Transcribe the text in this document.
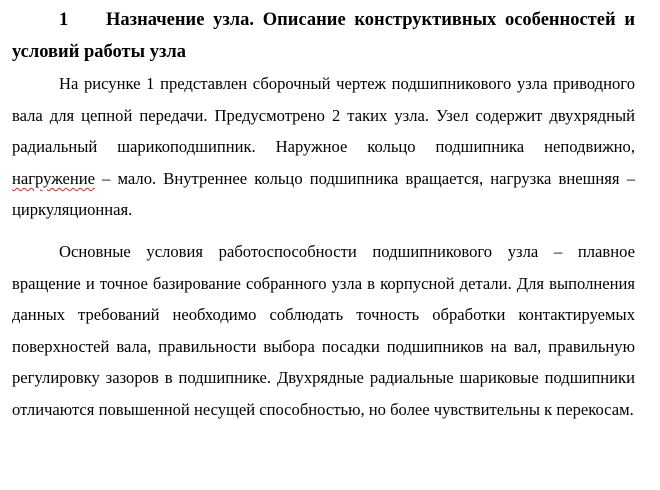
1 Назначение узла. Описание конструктивных особенностей и условий работы узла

На рисунке 1 представлен сборочный чертеж подшипникового узла приводного вала для цепной передачи. Предусмотрено 2 таких узла. Узел содержит двухрядный радиальный шарикоподшипник. Наружное кольцо подшипника неподвижно, нагружение – мало. Внутреннее кольцо подшипника вращается, нагрузка внешняя – циркуляционная.

Основные условия работоспособности подшипникового узла – плавное вращение и точное базирование собранного узла в корпусной детали. Для выполнения данных требований необходимо соблюдать точность обработки контактируемых поверхностей вала, правильности выбора посадки подшипников на вал, правильную регулировку зазоров в подшипнике. Двухрядные радиальные шариковые подшипники отличаются повышенной несущей способностью, но более чувствительны к перекосам.
